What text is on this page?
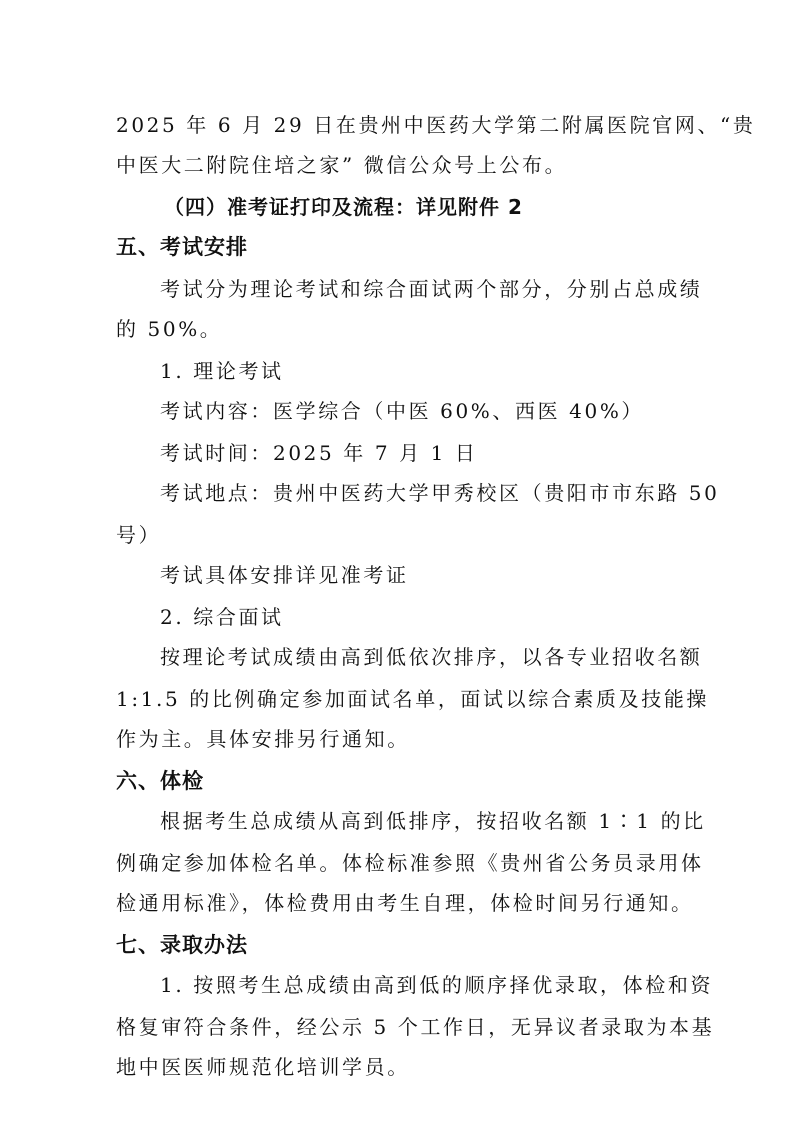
2025 年 6 月 29 日在贵州中医药大学第二附属医院官网、“贵
中医大二附院住培之家” 微信公众号上公布。
（四）准考证打印及流程：详见附件 2
五、考试安排
考试分为理论考试和综合面试两个部分，分别占总成绩
的 50%。
1. 理论考试
考试内容：医学综合（中医 60%、西医 40%）
考试时间：2025 年 7 月 1 日
考试地点：贵州中医药大学甲秀校区（贵阳市市东路 50
号）
考试具体安排详见准考证
2. 综合面试
按理论考试成绩由高到低依次排序，以各专业招收名额
1:1.5 的比例确定参加面试名单，面试以综合素质及技能操
作为主。具体安排另行通知。
六、体检
根据考生总成绩从高到低排序，按招收名额 1∶1 的比
例确定参加体检名单。体检标准参照《贵州省公务员录用体
检通用标准》，体检费用由考生自理，体检时间另行通知。
七、录取办法
1. 按照考生总成绩由高到低的顺序择优录取，体检和资
格复审符合条件，经公示 5 个工作日，无异议者录取为本基
地中医医师规范化培训学员。
